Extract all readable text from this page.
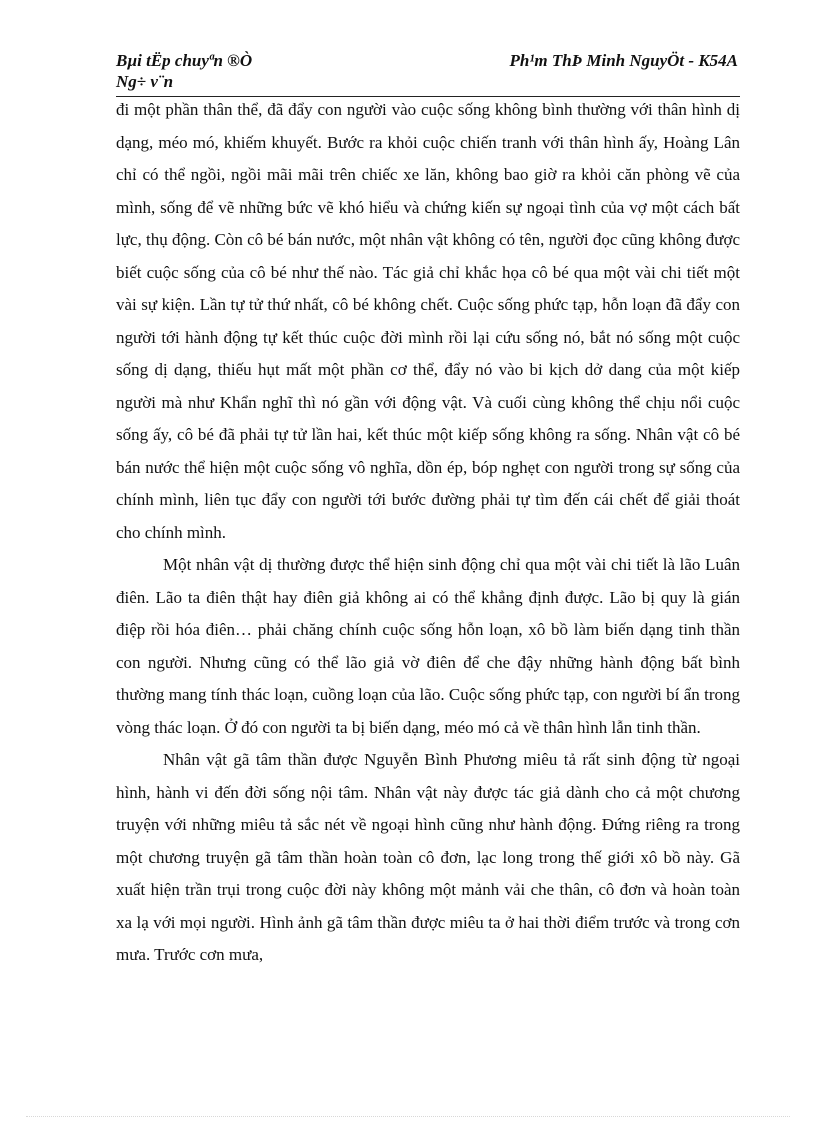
Bµi tËp chuyªn ®Ò
Ng÷ v¨n
Ph¹m ThÞ Minh NguyÖt - K54A

đi một phần thân thể, đã đẩy con người vào cuộc sống không bình thường với thân hình dị dạng, méo mó, khiếm khuyết. Bước ra khỏi cuộc chiến tranh với thân hình ấy, Hoàng Lân chỉ có thể ngồi, ngồi mãi mãi trên chiếc xe lăn, không bao giờ ra khỏi căn phòng vẽ của mình, sống để vẽ những bức vẽ khó hiểu và chứng kiến sự ngoại tình của vợ một cách bất lực, thụ động. Còn cô bé bán nước, một nhân vật không có tên, người đọc cũng không được biết cuộc sống của cô bé như thế nào. Tác giả chỉ khắc họa cô bé qua một vài chi tiết một vài sự kiện. Lần tự tử thứ nhất, cô bé không chết. Cuộc sống phức tạp, hỗn loạn đã đẩy con người tới hành động tự kết thúc cuộc đời mình rồi lại cứu sống nó, bắt nó sống một cuộc sống dị dạng, thiếu hụt mất một phần cơ thể, đẩy nó vào bi kịch dở dang của một kiếp người mà như Khẩn nghĩ thì nó gần với động vật. Và cuối cùng không thể chịu nổi cuộc sống ấy, cô bé đã phải tự tử lần hai, kết thúc một kiếp sống không ra sống. Nhân vật cô bé bán nước thể hiện một cuộc sống vô nghĩa, dồn ép, bóp nghẹt con người trong sự sống của chính mình, liên tục đẩy con người tới bước đường phải tự tìm đến cái chết để giải thoát cho chính mình.

Một nhân vật dị thường được thể hiện sinh động chỉ qua một vài chi tiết là lão Luân điên. Lão ta điên thật hay điên giả không ai có thể khẳng định được. Lão bị quy là gián điệp rồi hóa điên… phải chăng chính cuộc sống hỗn loạn, xô bồ làm biến dạng tinh thần con người. Nhưng cũng có thể lão giả vờ điên để che đậy những hành động bất bình thường mang tính thác loạn, cuồng loạn của lão. Cuộc sống phức tạp, con người bí ẩn trong vòng thác loạn. Ở đó con người ta bị biến dạng, méo mó cả về thân hình lẫn tinh thần.

Nhân vật gã tâm thần được Nguyễn Bình Phương miêu tả rất sinh động từ ngoại hình, hành vi đến đời sống nội tâm. Nhân vật này được tác giả dành cho cả một chương truyện với những miêu tả sắc nét về ngoại hình cũng như hành động. Đứng riêng ra trong một chương truyện gã tâm thần hoàn toàn cô đơn, lạc long trong thế giới xô bồ này. Gã xuất hiện trần trụi trong cuộc đời này không một mảnh vải che thân, cô đơn và hoàn toàn xa lạ với mọi người. Hình ảnh gã tâm thần được miêu ta ở hai thời điểm trước và trong cơn mưa. Trước cơn mưa,
